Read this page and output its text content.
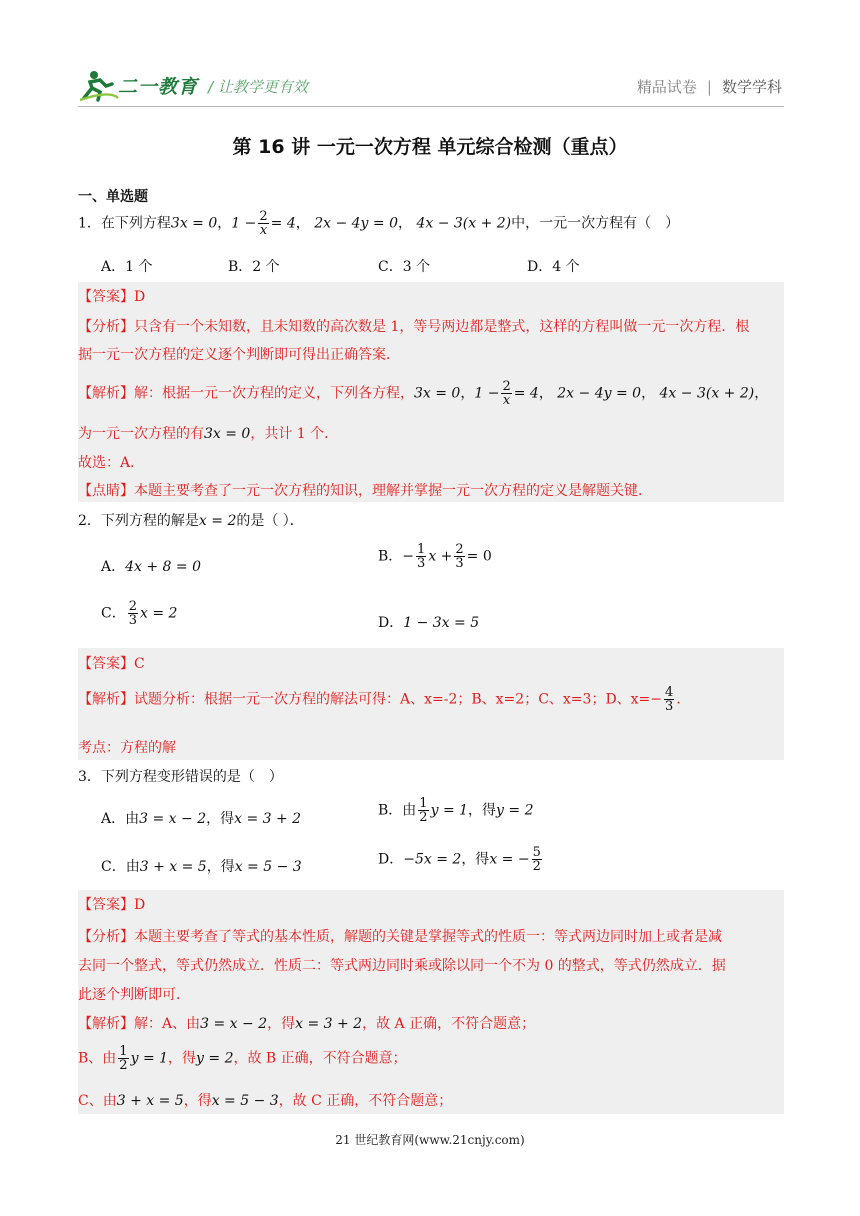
二一教育 / 让教学更有效	精品试卷 | 数学学科
第 16 讲 一元一次方程 单元综合检测（重点）
一、单选题
1．在下列方程3x = 0，$1 - \frac{2}{x} = 4$， 2x − 4y = 0， 4x − 3(x + 2)中，一元一次方程有（　）
A．1 个	B．2 个	C．3 个	D．4 个
【答案】D
【分析】只含有一个未知数，且未知数的高次数是 1，等号两边都是整式，这样的方程叫做一元一次方程．根
据一元一次方程的定义逐个判断即可得出正确答案．
【解析】解：根据一元一次方程的定义，下列各方程，3x = 0，$1 - \frac{2}{x} = 4$， 2x − 4y = 0， 4x − 3(x + 2)，
为一元一次方程的有3x = 0，共计 1 个．
故选：A．
【点睛】本题主要考查了一元一次方程的知识，理解并掌握一元一次方程的定义是解题关键．
2．下列方程的解是x = 2的是（ ）．
A．4x + 8 = 0
B．− $\frac{1}{3}$ $x + \frac{2}{3} = 0$
C． $\frac{2}{3}$ x = 2
D．1 − 3x = 5
【答案】C
【解析】试题分析：根据一元一次方程的解法可得：A、x=-2；B、x=2；C、x=3；D、$x=- \frac{4}{3}$ ．
考点：方程的解
3．下列方程变形错误的是（　）
A．由3 = x − 2，得x = 3 + 2
B．由 $\frac{1}{2}$ y = 1，得y = 2
C．由3 + x = 5，得x = 5 − 3	D．−5x = 2，得x = − $\frac{5}{2}$
【答案】D
【分析】本题主要考查了等式的基本性质，解题的关键是掌握等式的性质一：等式两边同时加上或者是减
去同一个整式，等式仍然成立．性质二：等式两边同时乘或除以同一个不为 0 的整式，等式仍然成立．据
此逐个判断即可．
【解析】解：A、由3 = x − 2，得x = 3 + 2，故 A 正确，不符合题意；
B、由 $\frac{1}{2}$ y = 1，得y = 2，故 B 正确，不符合题意；
C、由3 + x = 5，得x = 5 − 3，故 C 正确，不符合题意；
21 世纪教育网(www.21cnjy.com)
